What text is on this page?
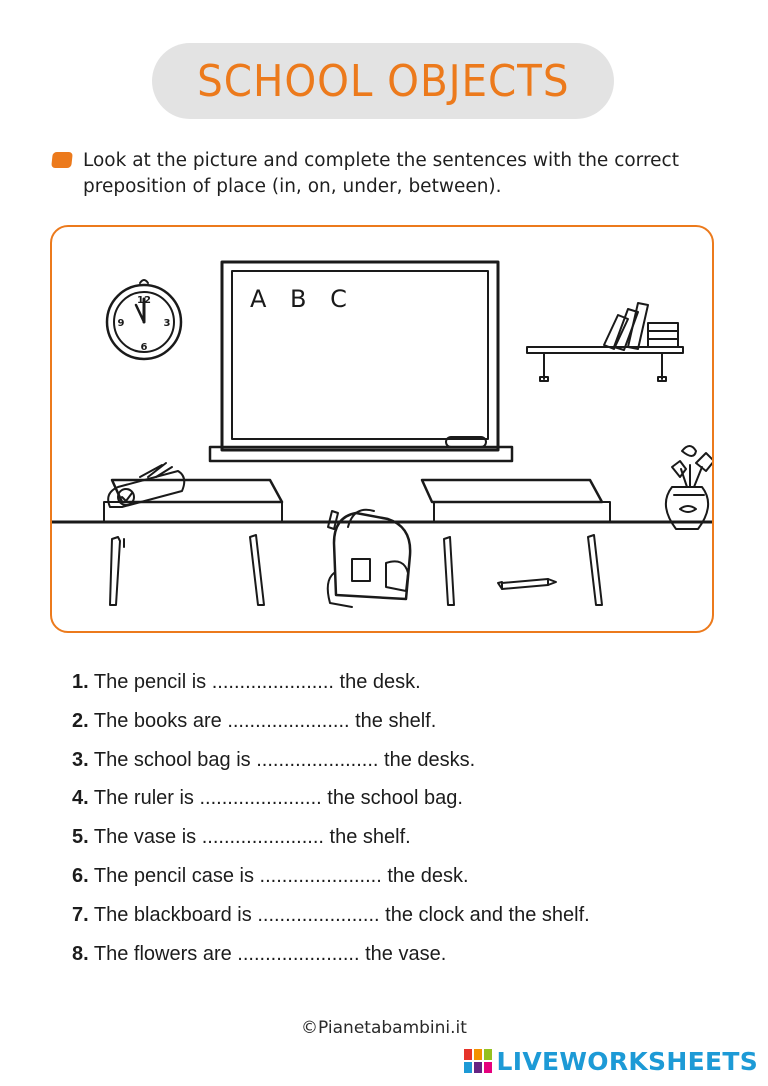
SCHOOL OBJECTS
Look at the picture and complete the sentences with the correct preposition of place (in, on, under, between).
12
3
6
9
A B C
1. The pencil is ...................... the desk.
2. The books are ...................... the shelf.
3. The school bag is ...................... the desks.
4. The ruler is ...................... the school bag.
5. The vase is ...................... the shelf.
6. The pencil case is ...................... the desk.
7. The blackboard is ...................... the clock and the shelf.
8. The flowers are ...................... the vase.
©Pianetabambini.it
LIVEWORKSHEETS
